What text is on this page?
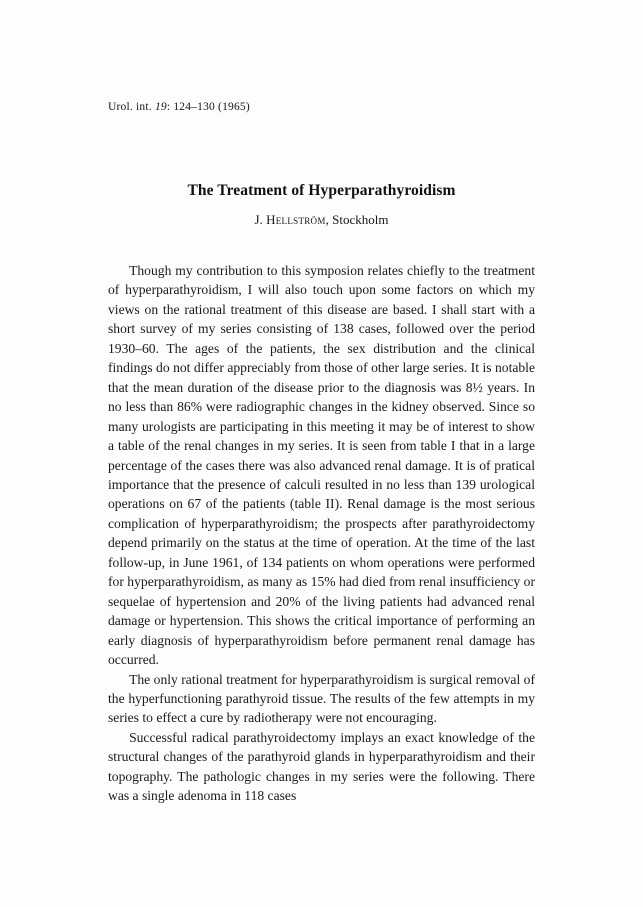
Urol. int. 19: 124–130 (1965)
The Treatment of Hyperparathyroidism
J. Hellström, Stockholm

Though my contribution to this symposion relates chiefly to the treatment of hyperparathyroidism, I will also touch upon some factors on which my views on the rational treatment of this disease are based. I shall start with a short survey of my series consisting of 138 cases, followed over the period 1930–60. The ages of the patients, the sex distribution and the clinical findings do not differ appreciably from those of other large series. It is notable that the mean duration of the disease prior to the diagnosis was 8½ years. In no less than 86% were radiographic changes in the kidney observed. Since so many urologists are participating in this meeting it may be of interest to show a table of the renal changes in my series. It is seen from table I that in a large percentage of the cases there was also advanced renal damage. It is of pratical importance that the presence of calculi resulted in no less than 139 urological operations on 67 of the patients (table II). Renal damage is the most serious complication of hyperparathyroidism; the prospects after parathyroidectomy depend primarily on the status at the time of operation. At the time of the last follow-up, in June 1961, of 134 patients on whom operations were performed for hyperparathyroidism, as many as 15% had died from renal insufficiency or sequelae of hypertension and 20% of the living patients had advanced renal damage or hypertension. This shows the critical importance of performing an early diagnosis of hyperparathyroidism before permanent renal damage has occurred.

The only rational treatment for hyperparathyroidism is surgical removal of the hyperfunctioning parathyroid tissue. The results of the few attempts in my series to effect a cure by radiotherapy were not encouraging.

Successful radical parathyroidectomy implays an exact knowledge of the structural changes of the parathyroid glands in hyperparathyroidism and their topography. The pathologic changes in my series were the following. There was a single adenoma in 118 cases
